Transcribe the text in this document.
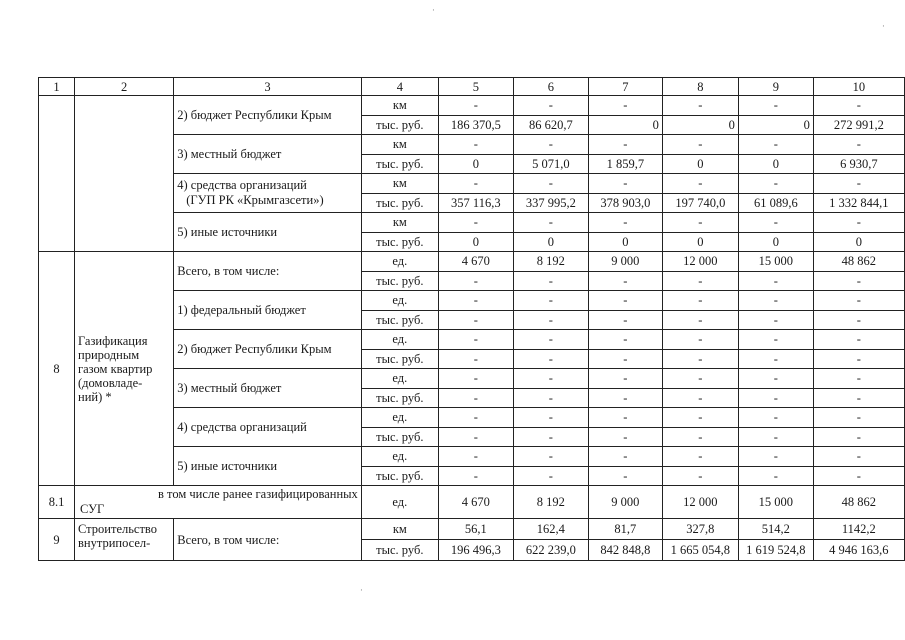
·
·
·
1	2	3	4	5	6	7	8	9	10
		2) бюджет Республики Крым	км	-	-	-	-	-	-
			тыс. руб.	186 370,5	86 620,7	0	0	0	272 991,2
		3) местный бюджет	км	-	-	-	-	-	-
			тыс. руб.	0	5 071,0	1 859,7	0	0	6 930,7
		4) средства организаций
(ГУП РК «Крымгазсети»)	км	-	-	-	-	-	-
			тыс. руб.	357 116,3	337 995,2	378 903,0	197 740,0	61 089,6	1 332 844,1
		5) иные источники	км	-	-	-	-	-	-
			тыс. руб.	0	0	0	0	0	0
8	Газификация
природным
газом квартир
(домовладе-
ний) *	Всего, в том числе:	ед.	4 670	8 192	9 000	12 000	15 000	48 862
			тыс. руб.	-	-	-	-	-	-
		1) федеральный бюджет	ед.	-	-	-	-	-	-
			тыс. руб.	-	-	-	-	-	-
		2) бюджет Республики Крым	ед.	-	-	-	-	-	-
			тыс. руб.	-	-	-	-	-	-
		3) местный бюджет	ед.	-	-	-	-	-	-
			тыс. руб.	-	-	-	-	-	-
		4) средства организаций	ед.	-	-	-	-	-	-
			тыс. руб.	-	-	-	-	-	-
		5) иные источники	ед.	-	-	-	-	-	-
			тыс. руб.	-	-	-	-	-	-
8.1	в том числе ранее газифицированных
СУГ		ед.	4 670	8 192	9 000	12 000	15 000	48 862
9	Строительство
внутрипосел-	Всего, в том числе:	км	56,1	162,4	81,7	327,8	514,2	1142,2
			тыс. руб.	196 496,3	622 239,0	842 848,8	1 665 054,8	1 619 524,8	4 946 163,6
